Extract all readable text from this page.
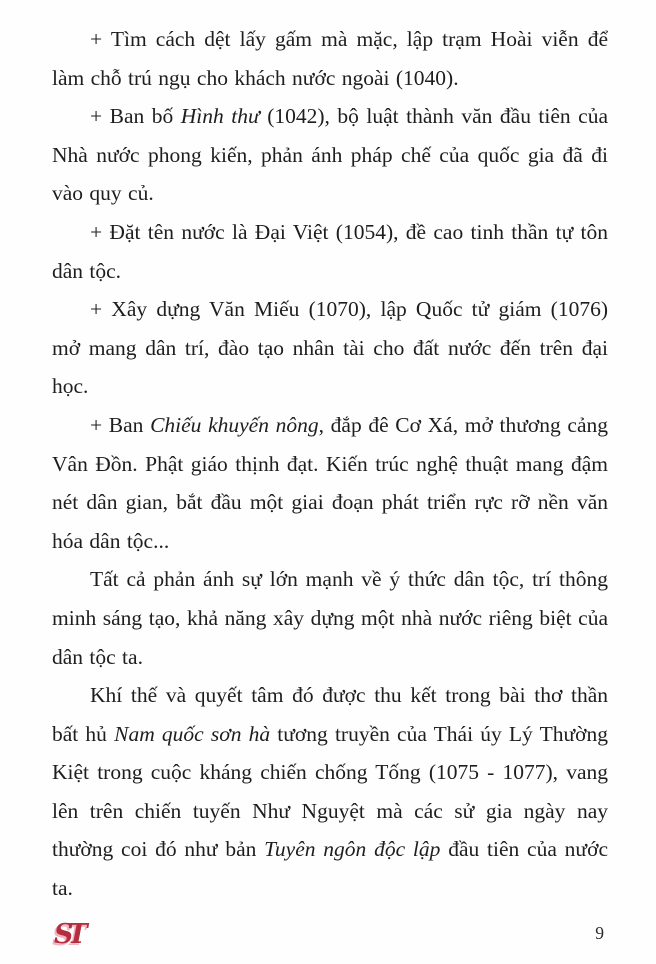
+ Tìm cách dệt lấy gấm mà mặc, lập trạm Hoài viễn để làm chỗ trú ngụ cho khách nước ngoài (1040).

+ Ban bố Hình thư (1042), bộ luật thành văn đầu tiên của Nhà nước phong kiến, phản ánh pháp chế của quốc gia đã đi vào quy củ.

+ Đặt tên nước là Đại Việt (1054), đề cao tinh thần tự tôn dân tộc.

+ Xây dựng Văn Miếu (1070), lập Quốc tử giám (1076) mở mang dân trí, đào tạo nhân tài cho đất nước đến trên đại học.

+ Ban Chiếu khuyến nông, đắp đê Cơ Xá, mở thương cảng Vân Đồn. Phật giáo thịnh đạt. Kiến trúc nghệ thuật mang đậm nét dân gian, bắt đầu một giai đoạn phát triển rực rỡ nền văn hóa dân tộc...

Tất cả phản ánh sự lớn mạnh về ý thức dân tộc, trí thông minh sáng tạo, khả năng xây dựng một nhà nước riêng biệt của dân tộc ta.

Khí thế và quyết tâm đó được thu kết trong bài thơ thần bất hủ Nam quốc sơn hà tương truyền của Thái úy Lý Thường Kiệt trong cuộc kháng chiến chống Tống (1075 - 1077), vang lên trên chiến tuyến Như Nguyệt mà các sử gia ngày nay thường coi đó như bản Tuyên ngôn độc lập đầu tiên của nước ta.

ST	9
